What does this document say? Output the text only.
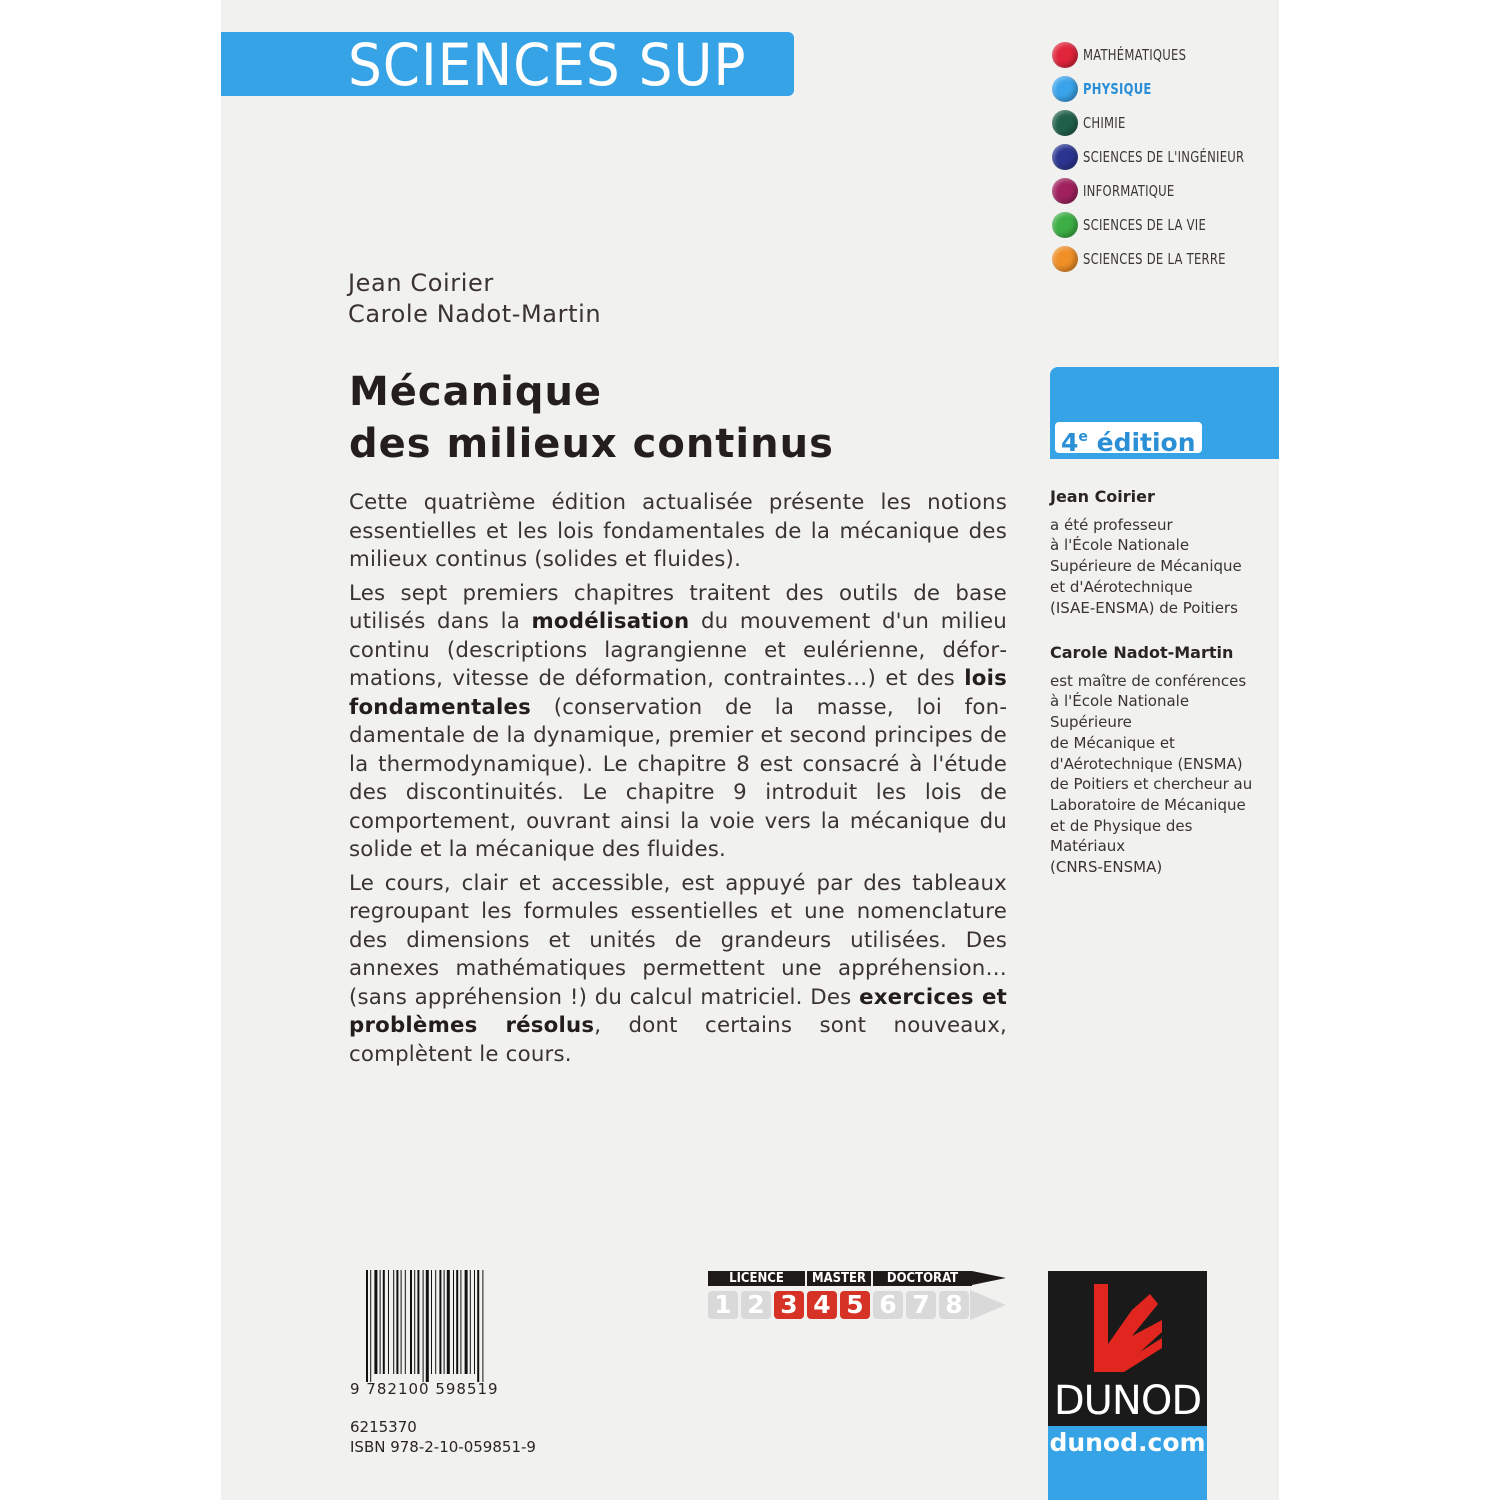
SCIENCES SUP	MATHÉMATIQUES
PHYSIQUE
CHIMIE
SCIENCES DE L'INGÉNIEUR
INFORMATIQUE
SCIENCES DE LA VIE
SCIENCES DE LA TERRE
Jean Coirier
Carole Nadot-Martin
Mécanique
des milieux continus

Cette quatrième édition actualisée présente les notions essentielles et les lois fondamentales de la mécanique des milieux continus (solides et fluides).

Les sept premiers chapitres traitent des outils de base utilisés dans la modélisation du mouvement d'un milieu continu (descriptions lagrangienne et eulérienne, déformations, vitesse de déformation, contraintes…) et des lois fondamentales (conservation de la masse, loi fondamentale de la dynamique, premier et second principes de la thermodynamique). Le chapitre 8 est consacré à l'étude des discontinuités. Le chapitre 9 introduit les lois de comportement, ouvrant ainsi la voie vers la mécanique du solide et la mécanique des fluides.

Le cours, clair et accessible, est appuyé par des tableaux regroupant les formules essentielles et une nomenclature des dimensions et unités de grandeurs utilisées. Des annexes mathématiques permettent une appréhension… (sans appréhension !) du calcul matriciel. Des exercices et problèmes résolus, dont certains sont nouveaux, complètent le cours.

4e édition
Jean Coirier
a été professeur
à l'École Nationale
Supérieure de Mécanique
et d'Aérotechnique
(ISAE-ENSMA) de Poitiers
Carole Nadot-Martin
est maître de conférences
à l'École Nationale
Supérieure
de Mécanique et
d'Aérotechnique (ENSMA)
de Poitiers et chercheur au
Laboratoire de Mécanique
et de Physique des
Matériaux
(CNRS-ENSMA)
9 782100 598519
6215370
ISBN 978-2-10-059851-9
LICENCE	MASTER	DOCTORAT
1 2 3 4 5 6 7 8
DUNOD
dunod.com
